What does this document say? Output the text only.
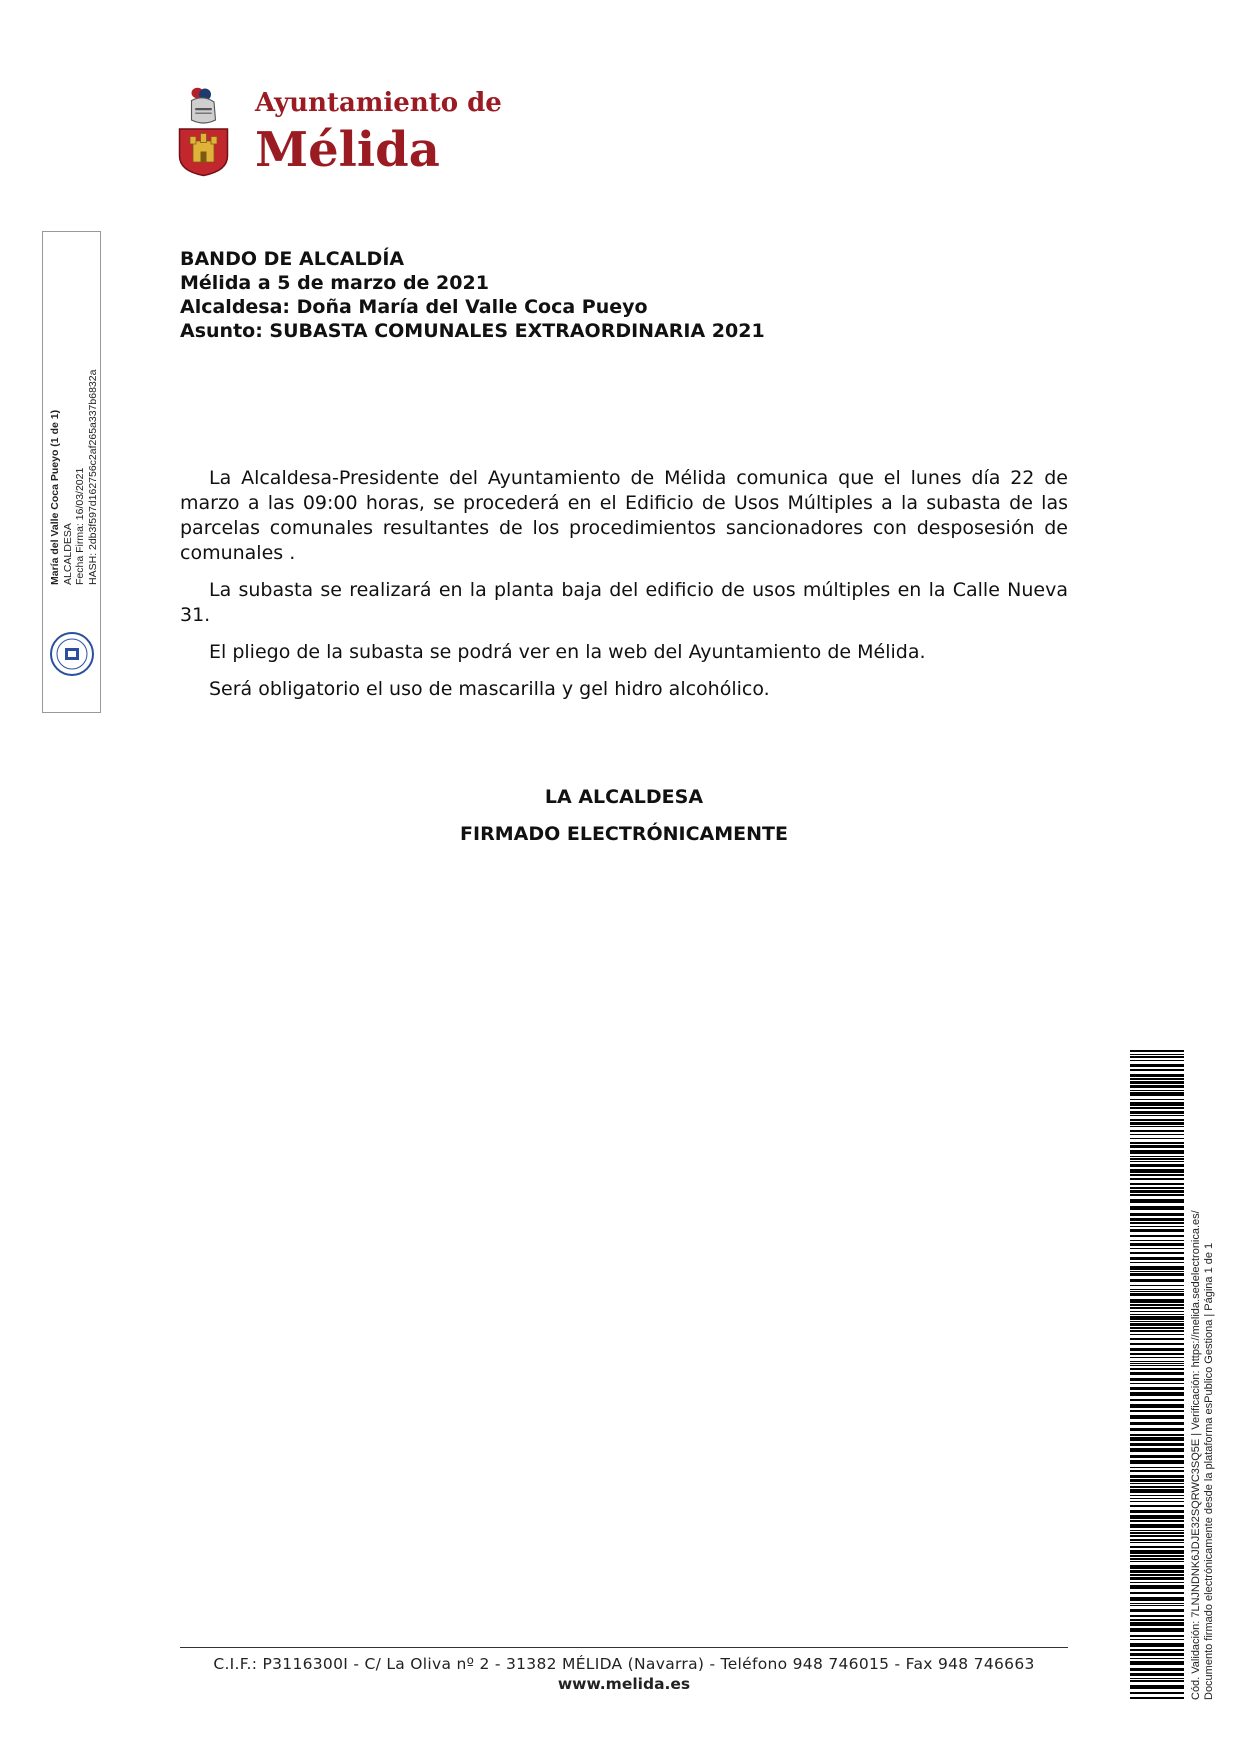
Ayuntamiento de
Mélida
María del Valle Coca Pueyo (1 de 1) ALCALDESA Fecha Firma: 16/03/2021 HASH: 2db3f597d162756c2af265a337b6832a
BANDO DE ALCALDÍA
Mélida a 5 de marzo de 2021
Alcaldesa: Doña María del Valle Coca Pueyo
Asunto: SUBASTA COMUNALES EXTRAORDINARIA 2021

La Alcaldesa-Presidente del Ayuntamiento de Mélida comunica que el lunes día 22 de marzo a las 09:00 horas, se procederá en el Edificio de Usos Múltiples a la subasta de las parcelas comunales resultantes de los procedimientos sancionadores con desposesión de comunales .

La subasta se realizará en la planta baja del edificio de usos múltiples en la Calle Nueva 31.

El pliego de la subasta se podrá ver en la web del Ayuntamiento de Mélida.

Será obligatorio el uso de mascarilla y gel hidro alcohólico.

LA ALCALDESA
FIRMADO ELECTRÓNICAMENTE
C.I.F.: P3116300I - C/ La Oliva nº 2 - 31382 MÉLIDA (Navarra) - Teléfono 948 746015 - Fax 948 746663
www.melida.es	Cód. Validación: 7LNJNDNK6JDJE32SQRWC3SQ5E | Verificación: https://melida.sedelectronica.es/ Documento firmado electrónicamente desde la plataforma esPublico Gestiona | Página 1 de 1
